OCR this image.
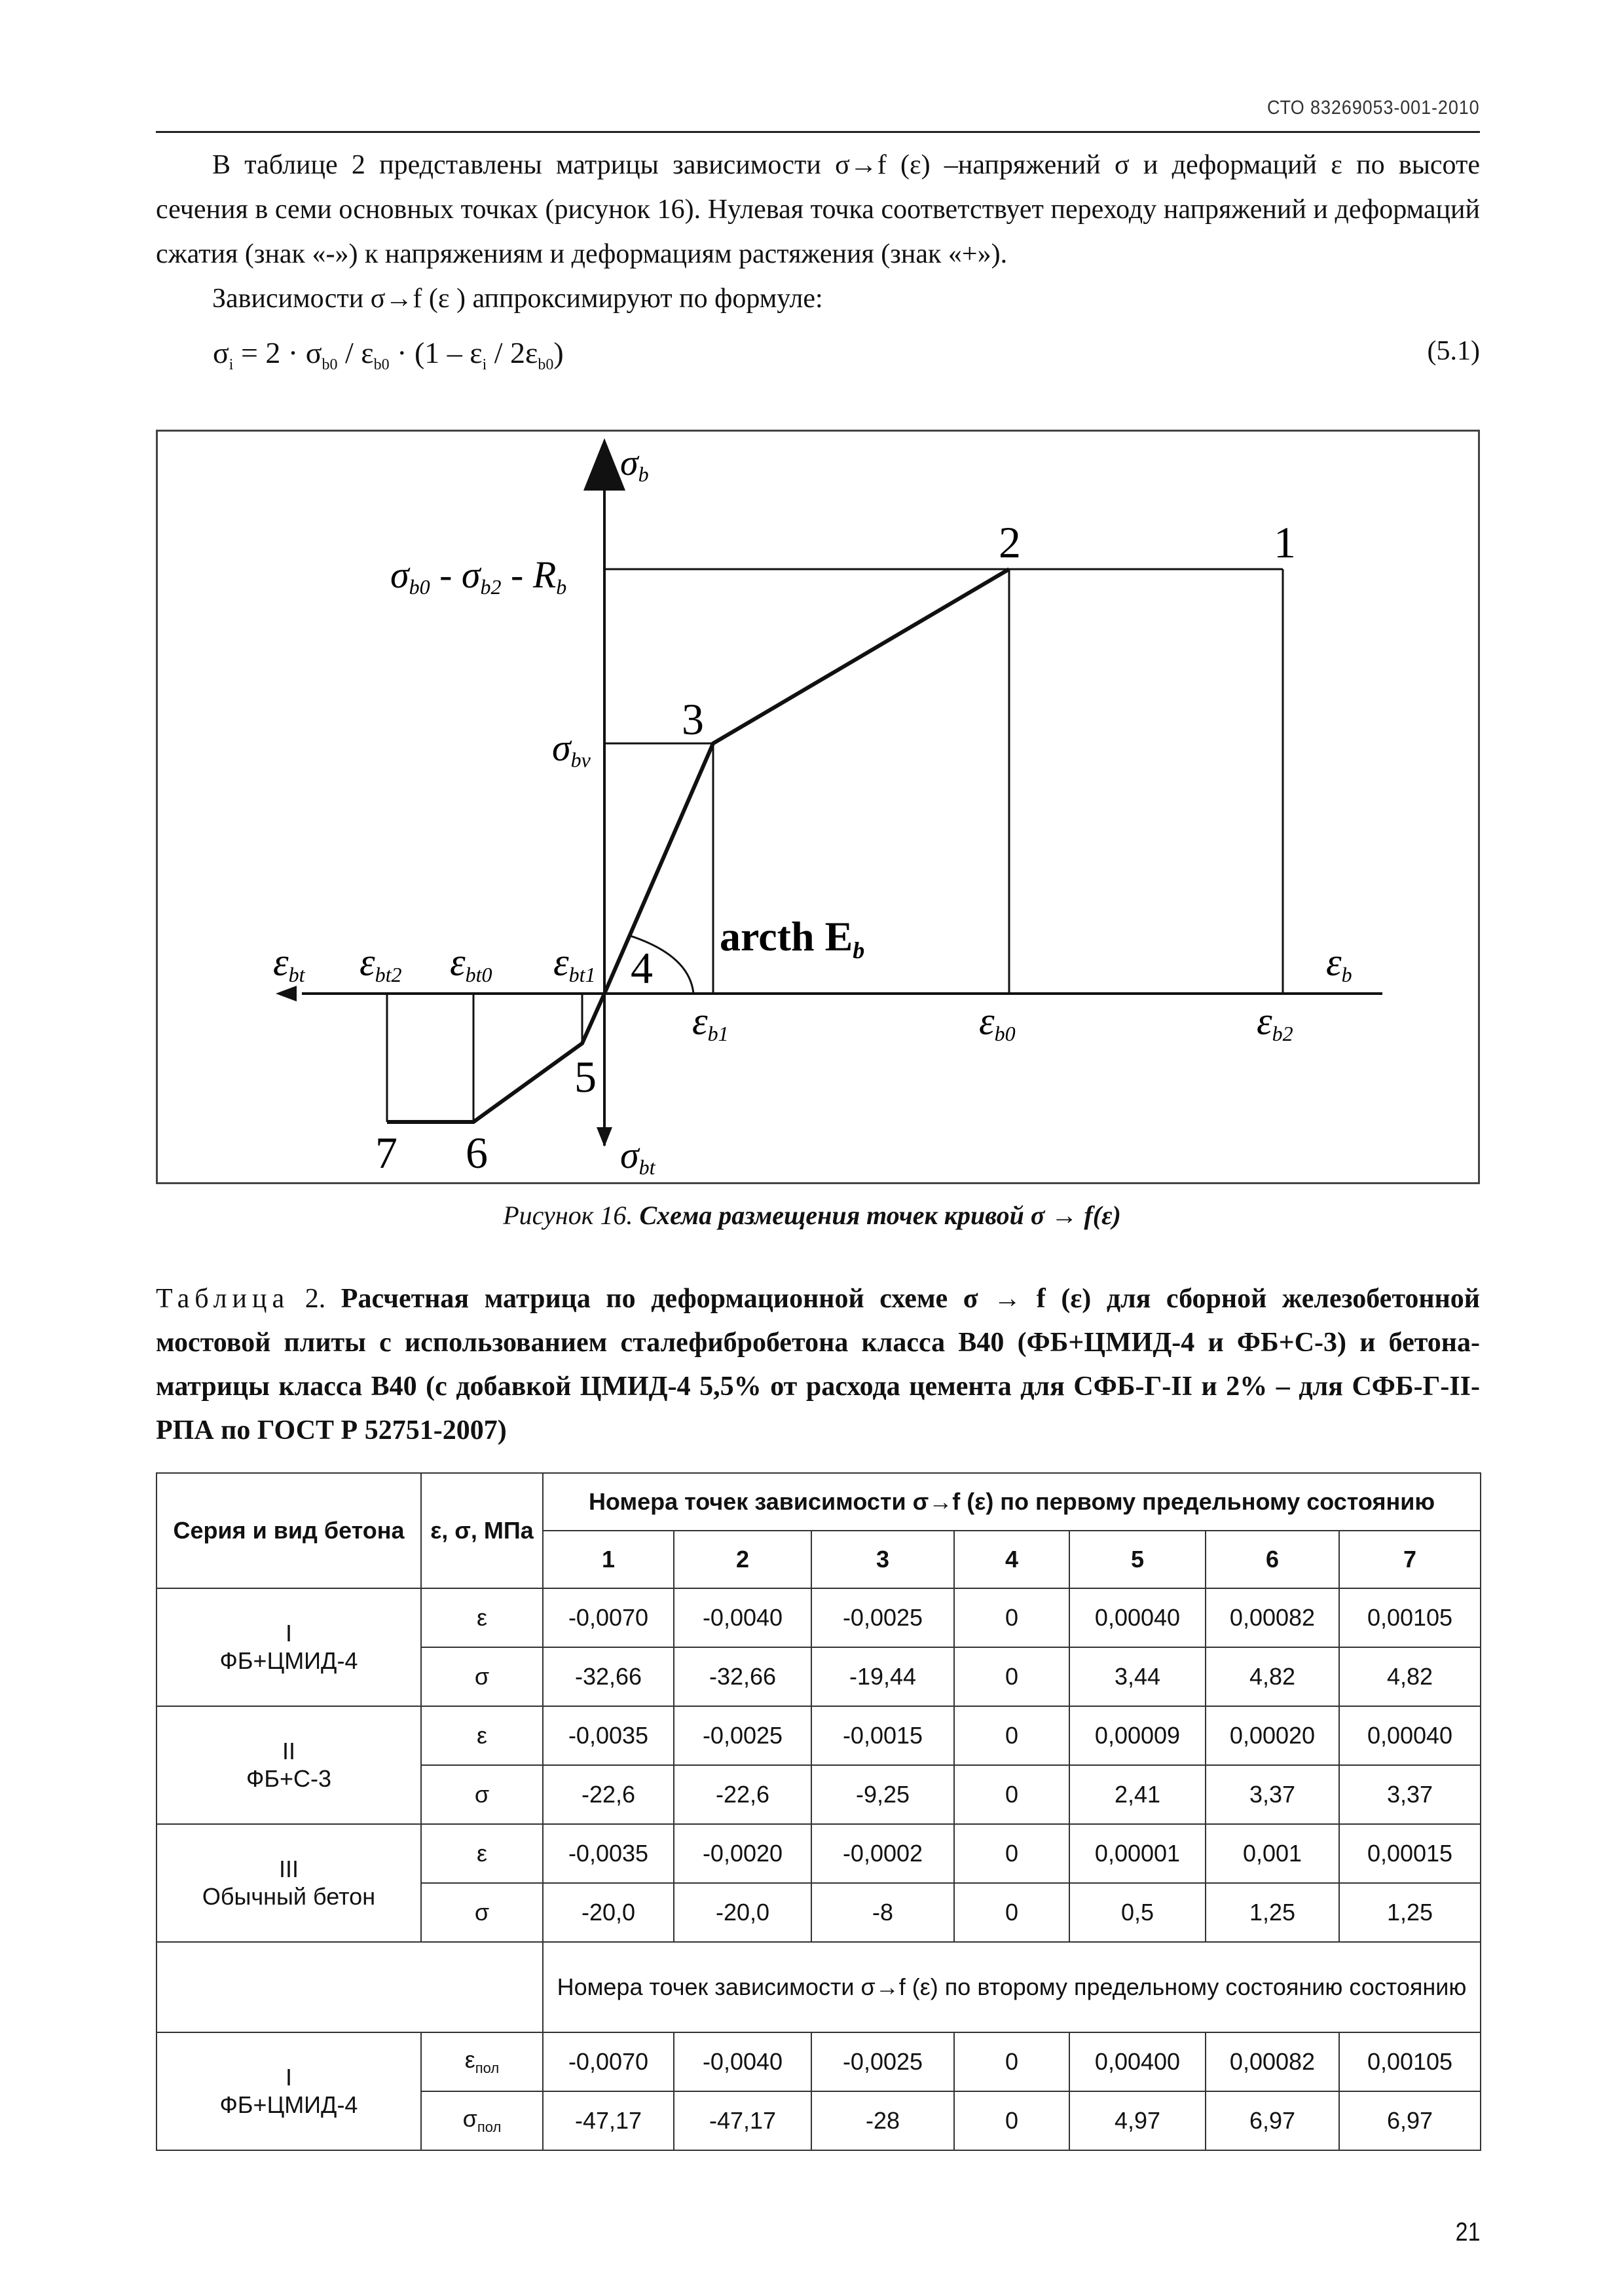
СТО 83269053-001-2010

В таблице 2 представлены матрицы зависимости σ→f (ε) –напряжений σ и деформаций ε по высоте сечения в семи основных точках (рисунок 16). Нулевая точка соответствует переходу напряжений и деформаций сжатия (знак «-») к напряжениям и деформациям растяжения (знак «+»).

Зависимости σ→f (ε ) аппроксимируют по формуле:

$\sigma_i = 2 \cdot \sigma_{b0} / \varepsilon_{b0} \cdot (1 - \varepsilon_i / 2\varepsilon_{b0})$	(5.1)
σb
σb0 - σb2 - Rb
σbv
arcth Eb
εbt εbt2 εbt0 εbt1	εb
εb1	εb0	εb2
σbt
1
2
3
4
5
6
7
Рисунок 16. Схема размещения точек кривой σ → f(ε)

Таблица 2. Расчетная матрица по деформационной схеме σ → f (ε) для сборной железобетонной мостовой плиты с использованием сталефибробетона класса В40 (ФБ+ЦМИД-4 и ФБ+С-3) и бетона-матрицы класса В40 (с добавкой ЦМИД-4 5,5% от расхода цемента для СФБ-Г-II и 2% – для СФБ-Г-II-РПА по ГОСТ Р 52751-2007)

Серия и вид бетона	ε, σ, МПа	Номера точек зависимости σ→f (ε) по первому предельному состоянию						
		1	2	3	4	5	6	7
I
ФБ+ЦМИД-4	ε	-0,0070	-0,0040	-0,0025	0	0,00040	0,00082	0,00105
	σ	-32,66	-32,66	-19,44	0	3,44	4,82	4,82
II
ФБ+С-3	ε	-0,0035	-0,0025	-0,0015	0	0,00009	0,00020	0,00040
	σ	-22,6	-22,6	-9,25	0	2,41	3,37	3,37
III
Обычный бетон	ε	-0,0035	-0,0020	-0,0002	0	0,00001	0,001	0,00015
	σ	-20,0	-20,0	-8	0	0,5	1,25	1,25
		Номера точек зависимости σ→f (ε) по второму предельному состоянию состоянию						
I
ФБ+ЦМИД-4	$\varepsilon_{пол}$	-0,0070	-0,0040	-0,0025	0	0,00400	0,00082	0,00105
	$\sigma_{пол}$	-47,17	-47,17	-28	0	4,97	6,97	6,97
21
